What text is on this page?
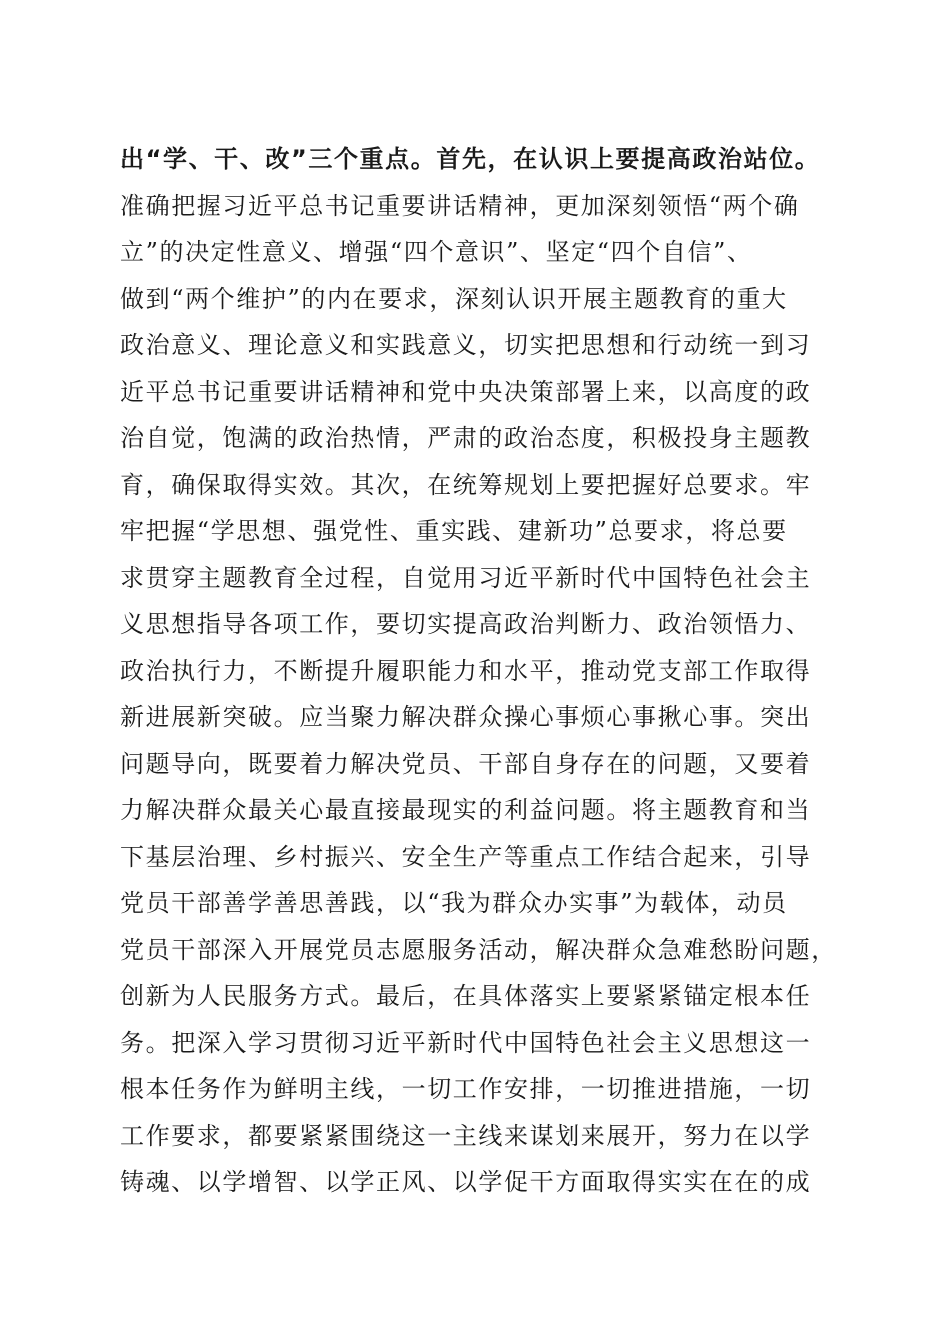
出“学、干、改”三个重点。首先，在认识上要提高政治站位。
准确把握习近平总书记重要讲话精神，更加深刻领悟“两个确
立”的决定性意义、增强“四个意识”、坚定“四个自信”、
做到“两个维护”的内在要求，深刻认识开展主题教育的重大
政治意义、理论意义和实践意义，切实把思想和行动统一到习
近平总书记重要讲话精神和党中央决策部署上来，以高度的政
治自觉，饱满的政治热情，严肃的政治态度，积极投身主题教
育，确保取得实效。其次，在统筹规划上要把握好总要求。牢
牢把握“学思想、强党性、重实践、建新功”总要求，将总要
求贯穿主题教育全过程，自觉用习近平新时代中国特色社会主
义思想指导各项工作，要切实提高政治判断力、政治领悟力、
政治执行力，不断提升履职能力和水平，推动党支部工作取得
新进展新突破。应当聚力解决群众操心事烦心事揪心事。突出
问题导向，既要着力解决党员、干部自身存在的问题，又要着
力解决群众最关心最直接最现实的利益问题。将主题教育和当
下基层治理、乡村振兴、安全生产等重点工作结合起来，引导
党员干部善学善思善践，以“我为群众办实事”为载体，动员
党员干部深入开展党员志愿服务活动，解决群众急难愁盼问题，
创新为人民服务方式。最后，在具体落实上要紧紧锚定根本任
务。把深入学习贯彻习近平新时代中国特色社会主义思想这一
根本任务作为鲜明主线，一切工作安排，一切推进措施，一切
工作要求，都要紧紧围绕这一主线来谋划来展开，努力在以学
铸魂、以学增智、以学正风、以学促干方面取得实实在在的成
